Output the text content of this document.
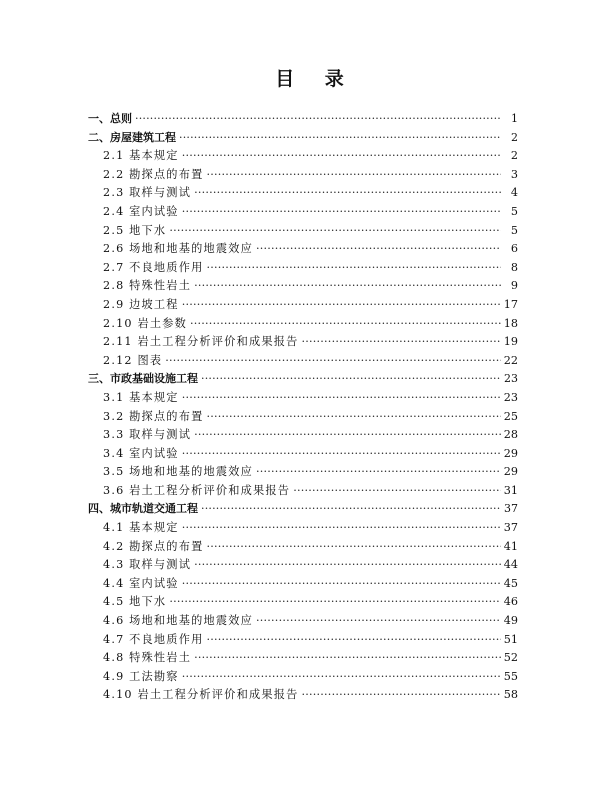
目 录
一、总则 ·····	1
二、房屋建筑工程 ·····	2
2.1 基本规定 ·····	2
2.2 勘探点的布置 ·····	3
2.3 取样与测试 ·····	4
2.4 室内试验 ·····	5
2.5 地下水 ·····	5
2.6 场地和地基的地震效应 ·····	6
2.7 不良地质作用 ·····	8
2.8 特殊性岩土 ·····	9
2.9 边坡工程 ·····	17
2.10 岩土参数 ·····	18
2.11 岩土工程分析评价和成果报告 ·····	19
2.12 图表 ·····	22
三、市政基础设施工程 ·····	23
3.1 基本规定 ·····	23
3.2 勘探点的布置 ·····	25
3.3 取样与测试 ·····	28
3.4 室内试验 ·····	29
3.5 场地和地基的地震效应 ·····	29
3.6 岩土工程分析评价和成果报告 ·····	31
四、城市轨道交通工程 ·····	37
4.1 基本规定 ·····	37
4.2 勘探点的布置 ·····	41
4.3 取样与测试 ·····	44
4.4 室内试验 ·····	45
4.5 地下水 ·····	46
4.6 场地和地基的地震效应 ·····	49
4.7 不良地质作用 ·····	51
4.8 特殊性岩土 ·····	52
4.9 工法勘察 ·····	55
4.10 岩土工程分析评价和成果报告 ·····	58
